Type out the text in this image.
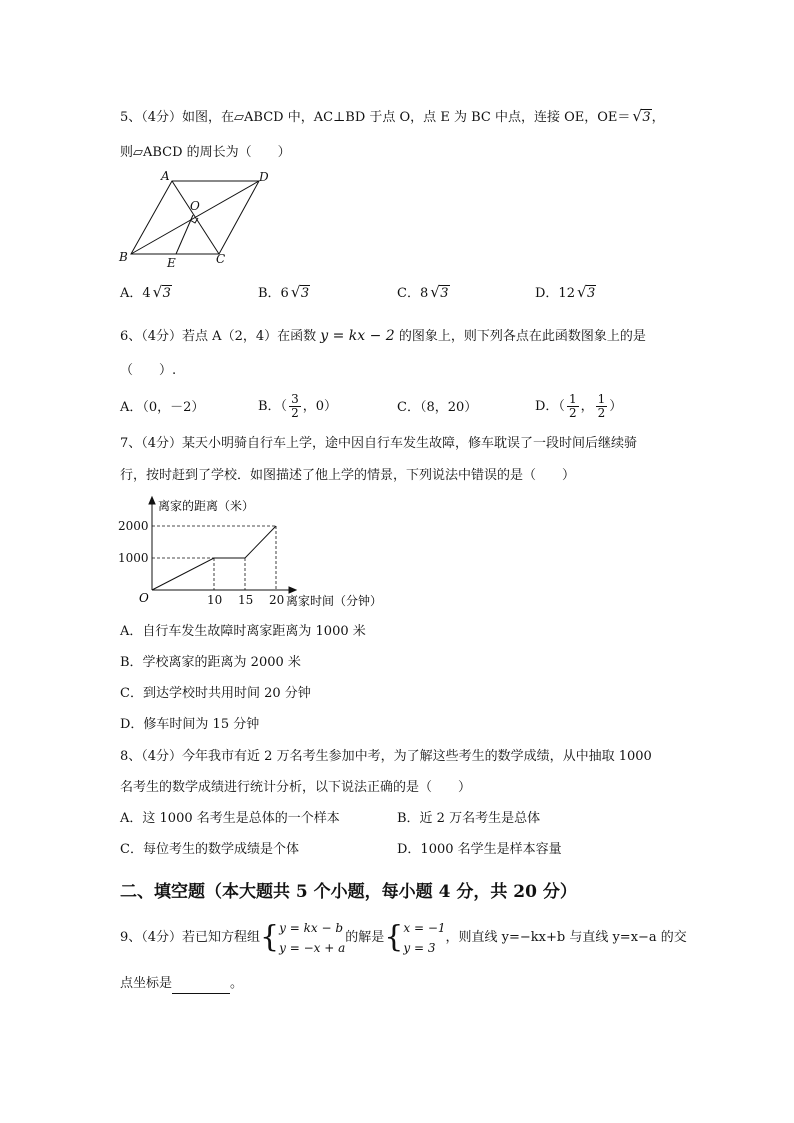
5、（4分）如图，在▱ABCD 中，AC⊥BD 于点 O，点 E 为 BC 中点，连接 OE，OE＝ √ 3，
则▱ABCD 的周长为（　　）
A	D
O
B	E	C
A．4 √ 3	B．6 √ 3	C．8 √ 3	D．12 √ 3
6、（4分）若点 A（2，4）在函数 y = kx − 2 的图象上，则下列各点在此函数图象上的是
（　　）.
A．（0，－2）	B．（ $\frac{3}{2}$ ，0）	C．（8，20）	D．（ $\frac{1}{2}$ ， $\frac{1}{2}$ ）
7、（4分）某天小明骑自行车上学，途中因自行车发生故障，修车耽误了一段时间后继续骑
行，按时赶到了学校．如图描述了他上学的情景，下列说法中错误的是（　　）
1000
2000
10 15 20
离家的距离（米）
离家时间（分钟）
O
A．自行车发生故障时离家距离为 1000 米
B．学校离家的距离为 2000 米
C．到达学校时共用时间 20 分钟
D．修车时间为 15 分钟
8、（4分）今年我市有近 2 万名考生参加中考，为了解这些考生的数学成绩，从中抽取 1000
名考生的数学成绩进行统计分析，以下说法正确的是（　　）
A．这 1000 名考生是总体的一个样本	B．近 2 万名考生是总体
C．每位考生的数学成绩是个体	D．1000 名学生是样本容量
二、填空题（本大题共 5 个小题，每小题 4 分，共 20 分）
9、（4分）若已知方程组{ y = kx − b
y = −x + a
的解是{ x = −1
y = 3
，则直线 y=−kx+b 与直线 y=x−a 的交
点坐标是	。
